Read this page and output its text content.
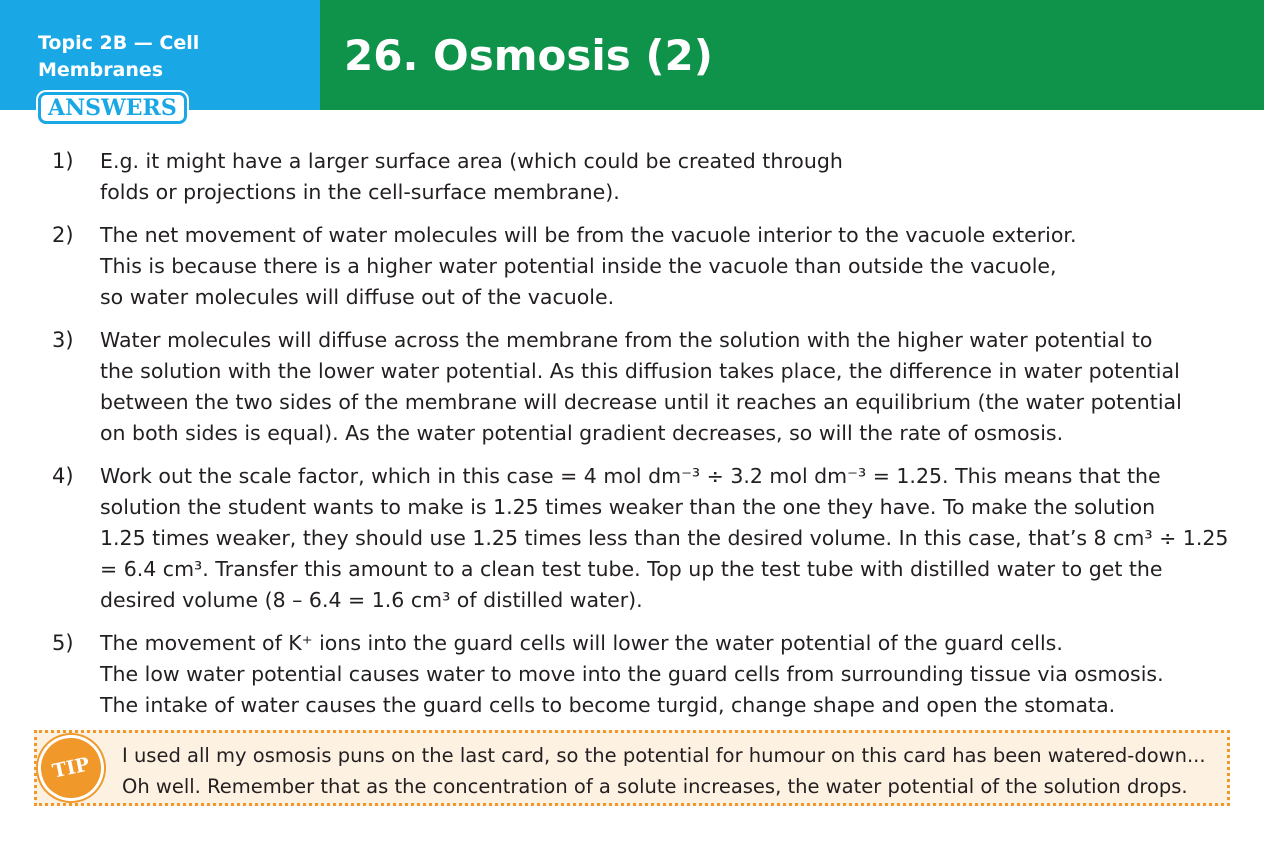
Topic 2B — Cell Membranes
ANSWERS
26. Osmosis (2)
1)	E.g. it might have a larger surface area (which could be created through
folds or projections in the cell-surface membrane).
2)	The net movement of water molecules will be from the vacuole interior to the vacuole exterior.
This is because there is a higher water potential inside the vacuole than outside the vacuole,
so water molecules will diffuse out of the vacuole.
3)	Water molecules will diffuse across the membrane from the solution with the higher water potential to
the solution with the lower water potential. As this diffusion takes place, the difference in water potential
between the two sides of the membrane will decrease until it reaches an equilibrium (the water potential
on both sides is equal). As the water potential gradient decreases, so will the rate of osmosis.
4)	Work out the scale factor, which in this case = 4 mol dm⁻³ ÷ 3.2 mol dm⁻³ = 1.25. This means that the
solution the student wants to make is 1.25 times weaker than the one they have. To make the solution
1.25 times weaker, they should use 1.25 times less than the desired volume. In this case, that’s 8 cm³ ÷ 1.25
= 6.4 cm³. Transfer this amount to a clean test tube. Top up the test tube with distilled water to get the
desired volume (8 – 6.4 = 1.6 cm³ of distilled water).
5)	The movement of K⁺ ions into the guard cells will lower the water potential of the guard cells.
The low water potential causes water to move into the guard cells from surrounding tissue via osmosis.
The intake of water causes the guard cells to become turgid, change shape and open the stomata.
TIP	I used all my osmosis puns on the last card, so the potential for humour on this card has been watered-down...
Oh well. Remember that as the concentration of a solute increases, the water potential of the solution drops.
